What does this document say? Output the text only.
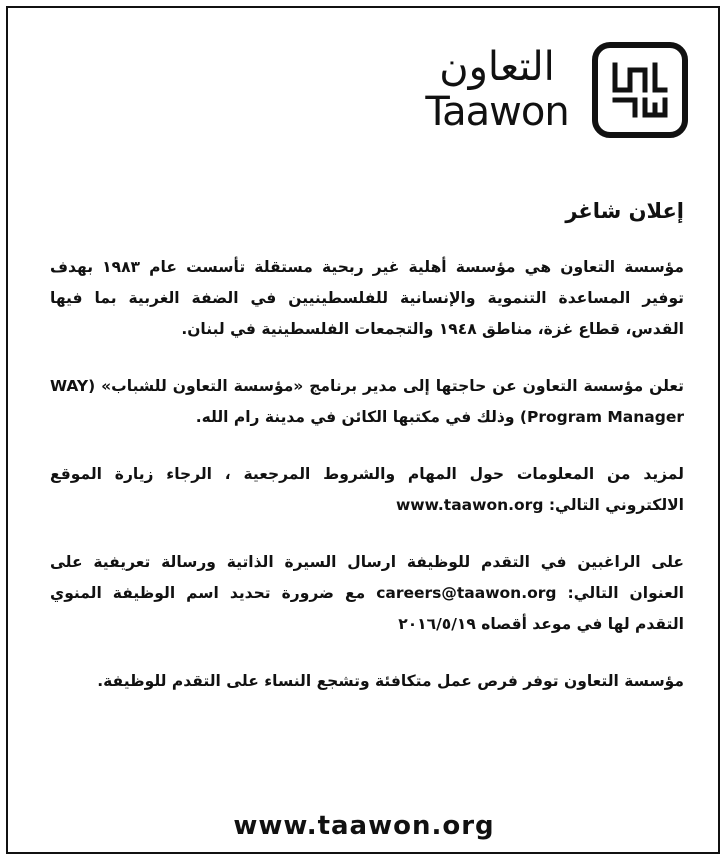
التعاون
Taawon
إعلان شاغر

مؤسسة التعاون هي مؤسسة أهلية غير ربحية مستقلة تأسست عام ١٩٨٣ بهدف توفير المساعدة التنموية والإنسانية للفلسطينيين في الضفة الغربية بما فيها القدس، قطاع غزة، مناطق ١٩٤٨ والتجمعات الفلسطينية في لبنان.

تعلن مؤسسة التعاون عن حاجتها إلى مدير برنامج «مؤسسة التعاون للشباب» (WAY Program Manager) وذلك في مكتبها الكائن في مدينة رام الله.

لمزيد من المعلومات حول المهام والشروط المرجعية ، الرجاء زيارة الموقع الالكتروني التالي: www.taawon.org

على الراغبين في التقدم للوظيفة ارسال السيرة الذاتية ورسالة تعريفية على العنوان التالي: careers@taawon.org مع ضرورة تحديد اسم الوظيفة المنوي التقدم لها في موعد أقصاه ٢٠١٦/٥/١٩

مؤسسة التعاون توفر فرص عمل متكافئة وتشجع النساء على التقدم للوظيفة.

www.taawon.org
